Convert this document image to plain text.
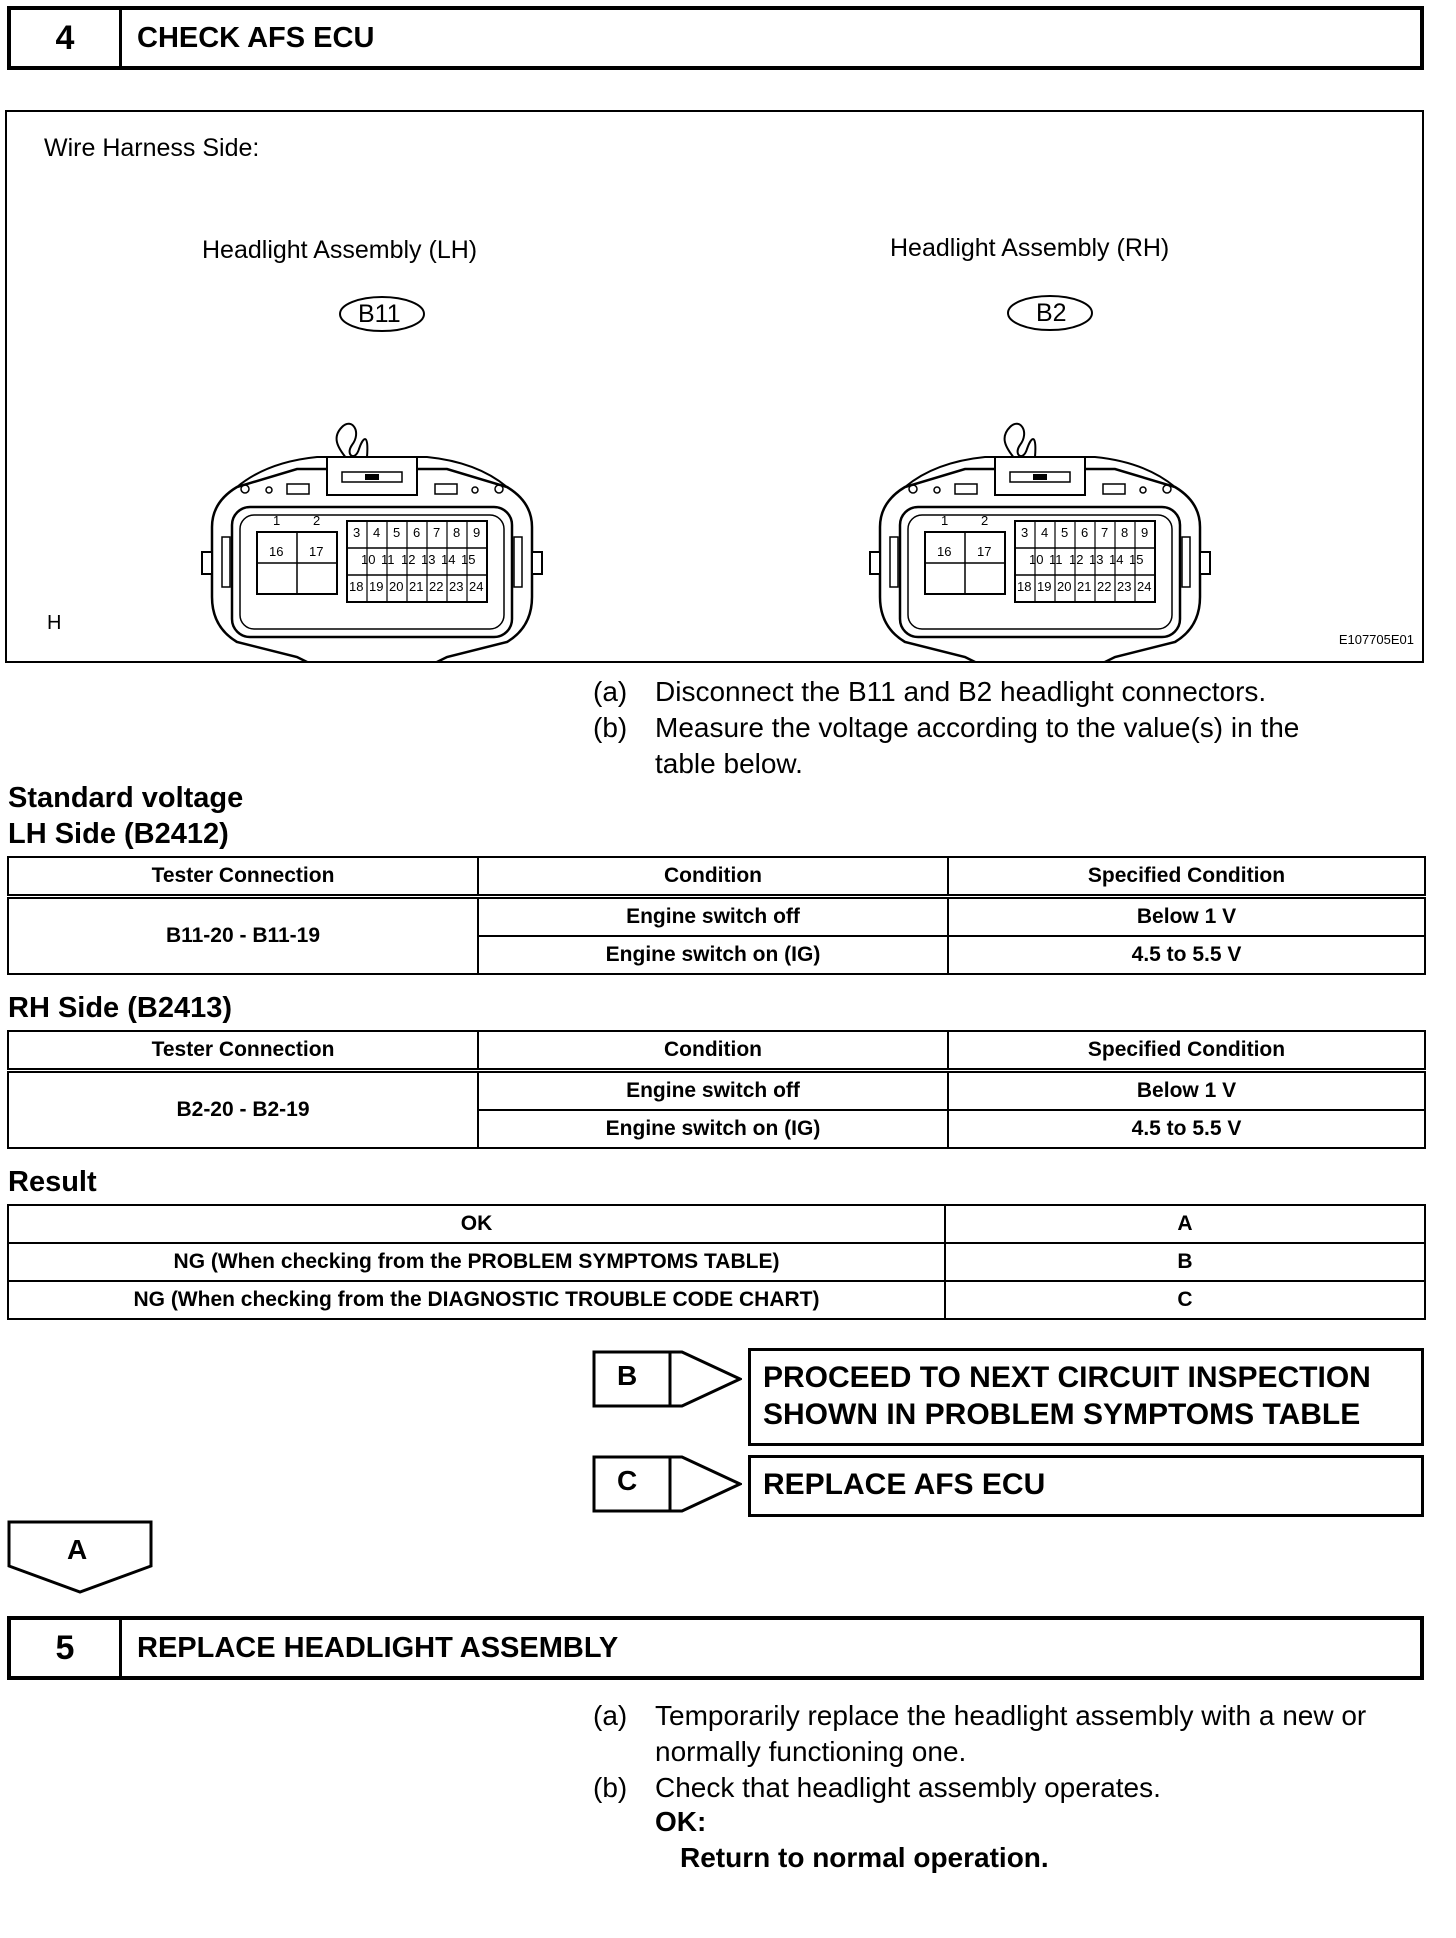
4	CHECK AFS ECU
Wire Harness Side:
Headlight Assembly (LH)	Headlight Assembly (RH)
H
E107705E01
B11	B2
1	2
16 17
3 4 5 6 7 8 9
10 11 12 13 14 15
18 19 20 21 22 23 24
1	2
16 17
3 4 5 6 7 8 9
10 11 12 13 14 15
18 19 20 21 22 23 24
(a) Disconnect the B11 and B2 headlight connectors.
(b) Measure the voltage according to the value(s) in the table below.
Standard voltage
LH Side (B2412)
Tester Connection	Condition	Specified Condition
B11-20 - B11-19	Engine switch off	Below 1 V
	Engine switch on (IG)	4.5 to 5.5 V
RH Side (B2413)
Tester Connection	Condition	Specified Condition
B2-20 - B2-19	Engine switch off	Below 1 V
	Engine switch on (IG)	4.5 to 5.5 V
Result
OK	A
NG (When checking from the PROBLEM SYMPTOMS TABLE)	B
NG (When checking from the DIAGNOSTIC TROUBLE CODE CHART)	C
B	PROCEED TO NEXT CIRCUIT INSPECTION
SHOWN IN PROBLEM SYMPTOMS TABLE
C	REPLACE AFS ECU
A
5	REPLACE HEADLIGHT ASSEMBLY
(a) Temporarily replace the headlight assembly with a new or normally functioning one.
(b) Check that headlight assembly operates.
OK:
Return to normal operation.
